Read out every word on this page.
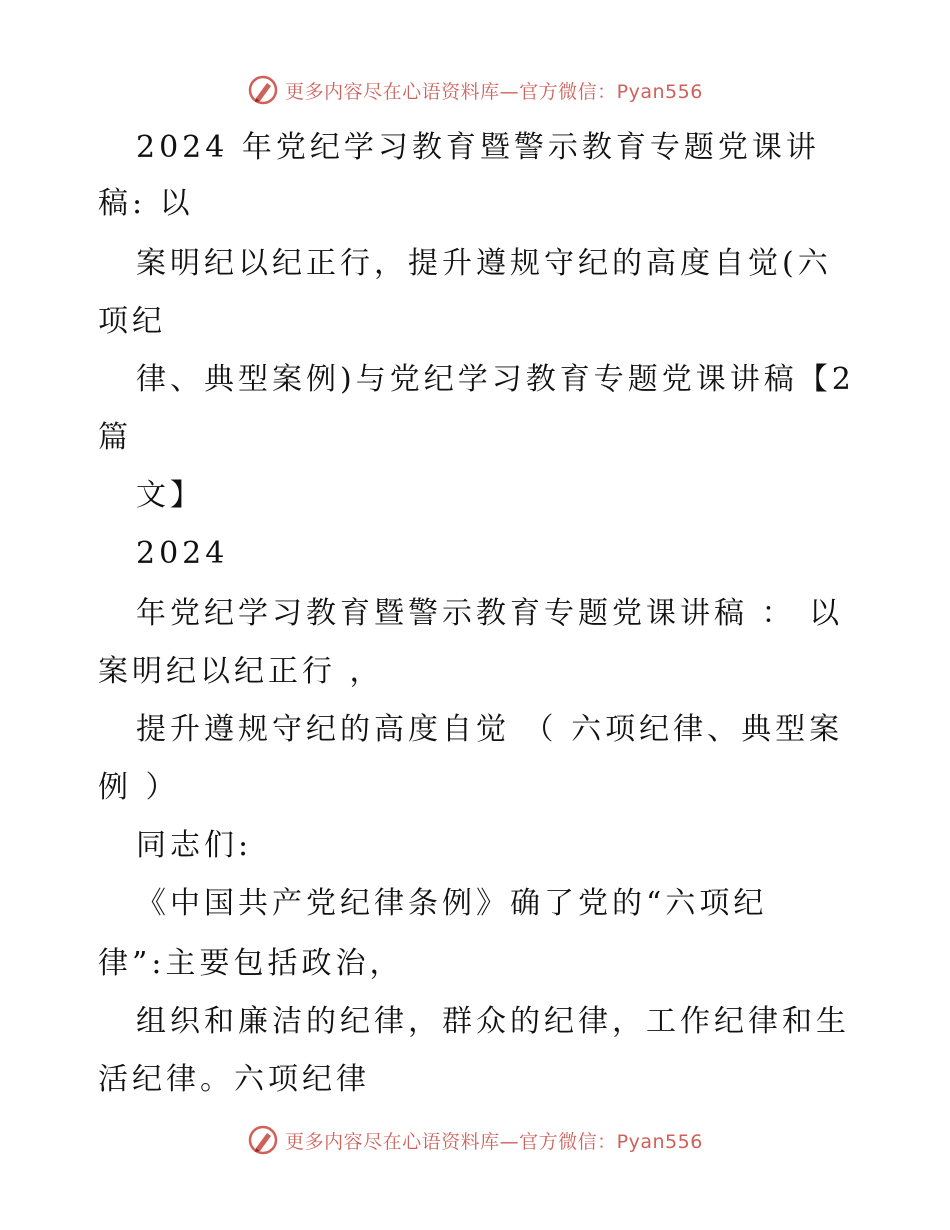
更多内容尽在心语资料库—官方微信：Pyan556
2024 年党纪学习教育暨警示教育专题党课讲
稿: 以
案明纪以纪正行，提升遵规守纪的高度自觉(六
项纪
律、典型案例)与党纪学习教育专题党课讲稿【2
篇
文】
2024
年党纪学习教育暨警示教育专题党课讲稿 ： 以
案明纪以纪正行 ，
提升遵规守纪的高度自觉 （ 六项纪律、典型案
例 ）
同志们:
《中国共产党纪律条例》确了党的“六项纪
律”:主要包括政治，
组织和廉洁的纪律，群众的纪律，工作纪律和生
活纪律。六项纪律
更多内容尽在心语资料库—官方微信：Pyan556
